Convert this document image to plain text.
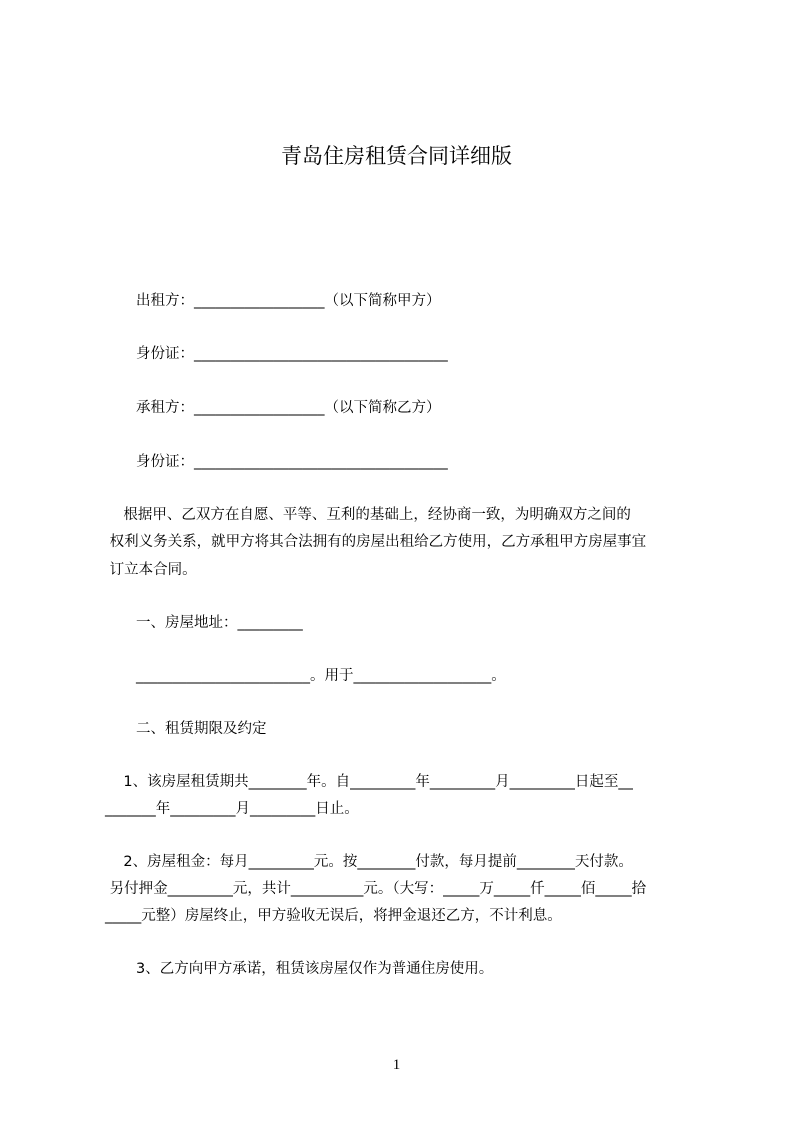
青岛住房租赁合同详细版

出租方：__________________（以下简称甲方）

身份证：___________________________________

承租方：__________________（以下简称乙方）

身份证：___________________________________

根据甲、乙双方在自愿、平等、互利的基础上，经协商一致，为明确双方之间的

权利义务关系，就甲方将其合法拥有的房屋出租给乙方使用，乙方承租甲方房屋事宜

订立本合同。

一、房屋地址：_________

________________________。用于___________________。

二、租赁期限及约定

1、该房屋租赁期共________年。自_________年_________月_________日起至__

_______年_________月_________日止。

2、房屋租金：每月_________元。按________付款，每月提前________天付款。

另付押金_________元，共计__________元。（大写：_____万_____仟_____佰_____拾

_____元整）房屋终止，甲方验收无误后，将押金退还乙方，不计利息。

3、乙方向甲方承诺，租赁该房屋仅作为普通住房使用。

1
